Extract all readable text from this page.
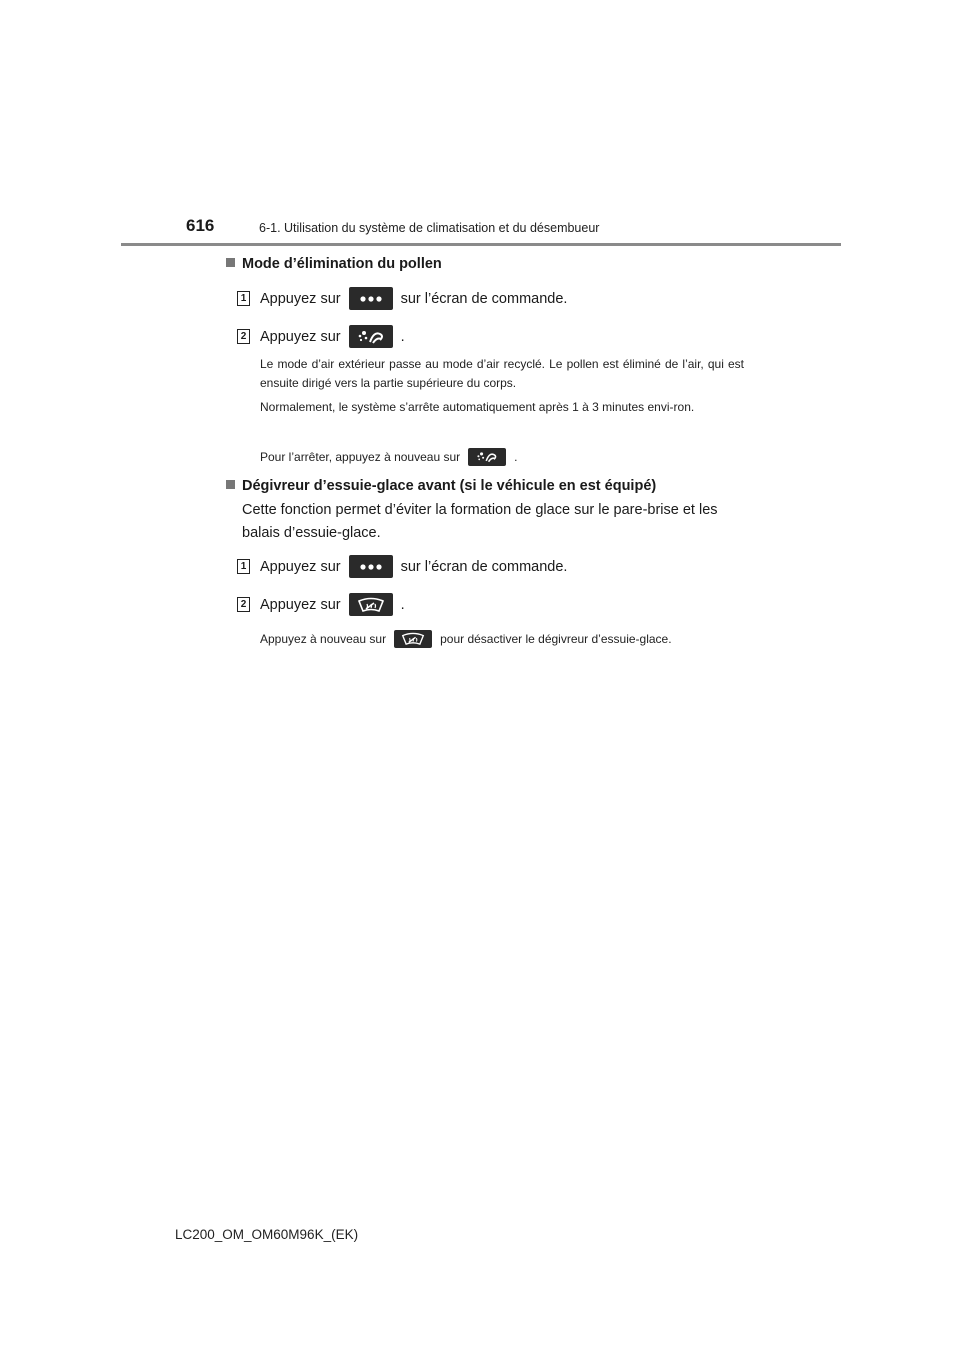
616	6-1. Utilisation du système de climatisation et du désembueur
Mode d’élimination du pollen
1 Appuyez sur	sur l’écran de commande.
2 Appuyez sur	.
Le mode d’air extérieur passe au mode d’air recyclé. Le pollen est éliminé de l’air, qui est ensuite dirigé vers la partie supérieure du corps.
Normalement, le système s’arrête automatiquement après 1 à 3 minutes envi-ron.
Pour l’arrêter, appuyez à nouveau sur	.
Dégivreur d’essuie-glace avant (si le véhicule en est équipé)
Cette fonction permet d’éviter la formation de glace sur le pare-brise et les balais d’essuie-glace.
1 Appuyez sur	sur l’écran de commande.
2 Appuyez sur	.
Appuyez à nouveau sur	pour désactiver le dégivreur d’essuie-glace.
LC200_OM_OM60M96K_(EK)
